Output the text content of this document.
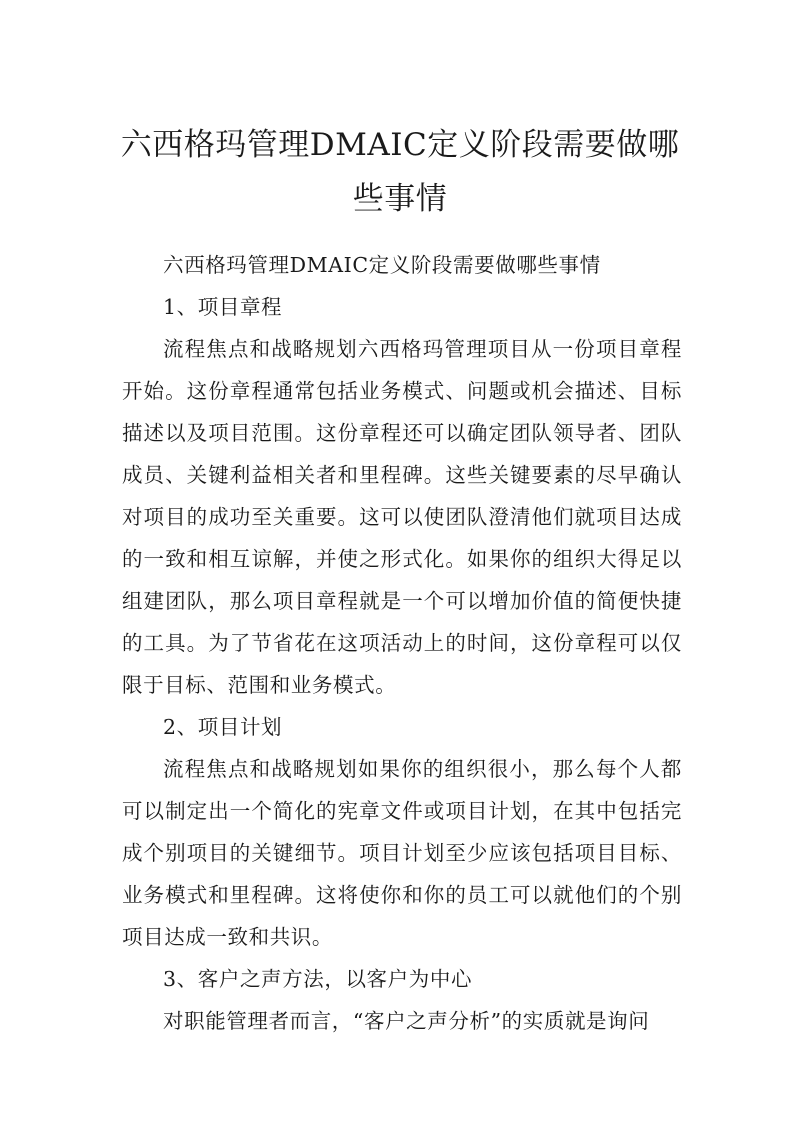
六西格玛管理DMAIC定义阶段需要做哪些事情

六西格玛管理DMAIC定义阶段需要做哪些事情

1、项目章程

流程焦点和战略规划六西格玛管理项目从一份项目章程开始。这份章程通常包括业务模式、问题或机会描述、目标描述以及项目范围。这份章程还可以确定团队领导者、团队成员、关键利益相关者和里程碑。这些关键要素的尽早确认对项目的成功至关重要。这可以使团队澄清他们就项目达成的一致和相互谅解，并使之形式化。如果你的组织大得足以组建团队，那么项目章程就是一个可以增加价值的简便快捷的工具。为了节省花在这项活动上的时间，这份章程可以仅限于目标、范围和业务模式。

2、项目计划

流程焦点和战略规划如果你的组织很小，那么每个人都可以制定出一个简化的宪章文件或项目计划，在其中包括完成个别项目的关键细节。项目计划至少应该包括项目目标、业务模式和里程碑。这将使你和你的员工可以就他们的个别项目达成一致和共识。

3、客户之声方法，以客户为中心

对职能管理者而言，“客户之声分析”的实质就是询问
